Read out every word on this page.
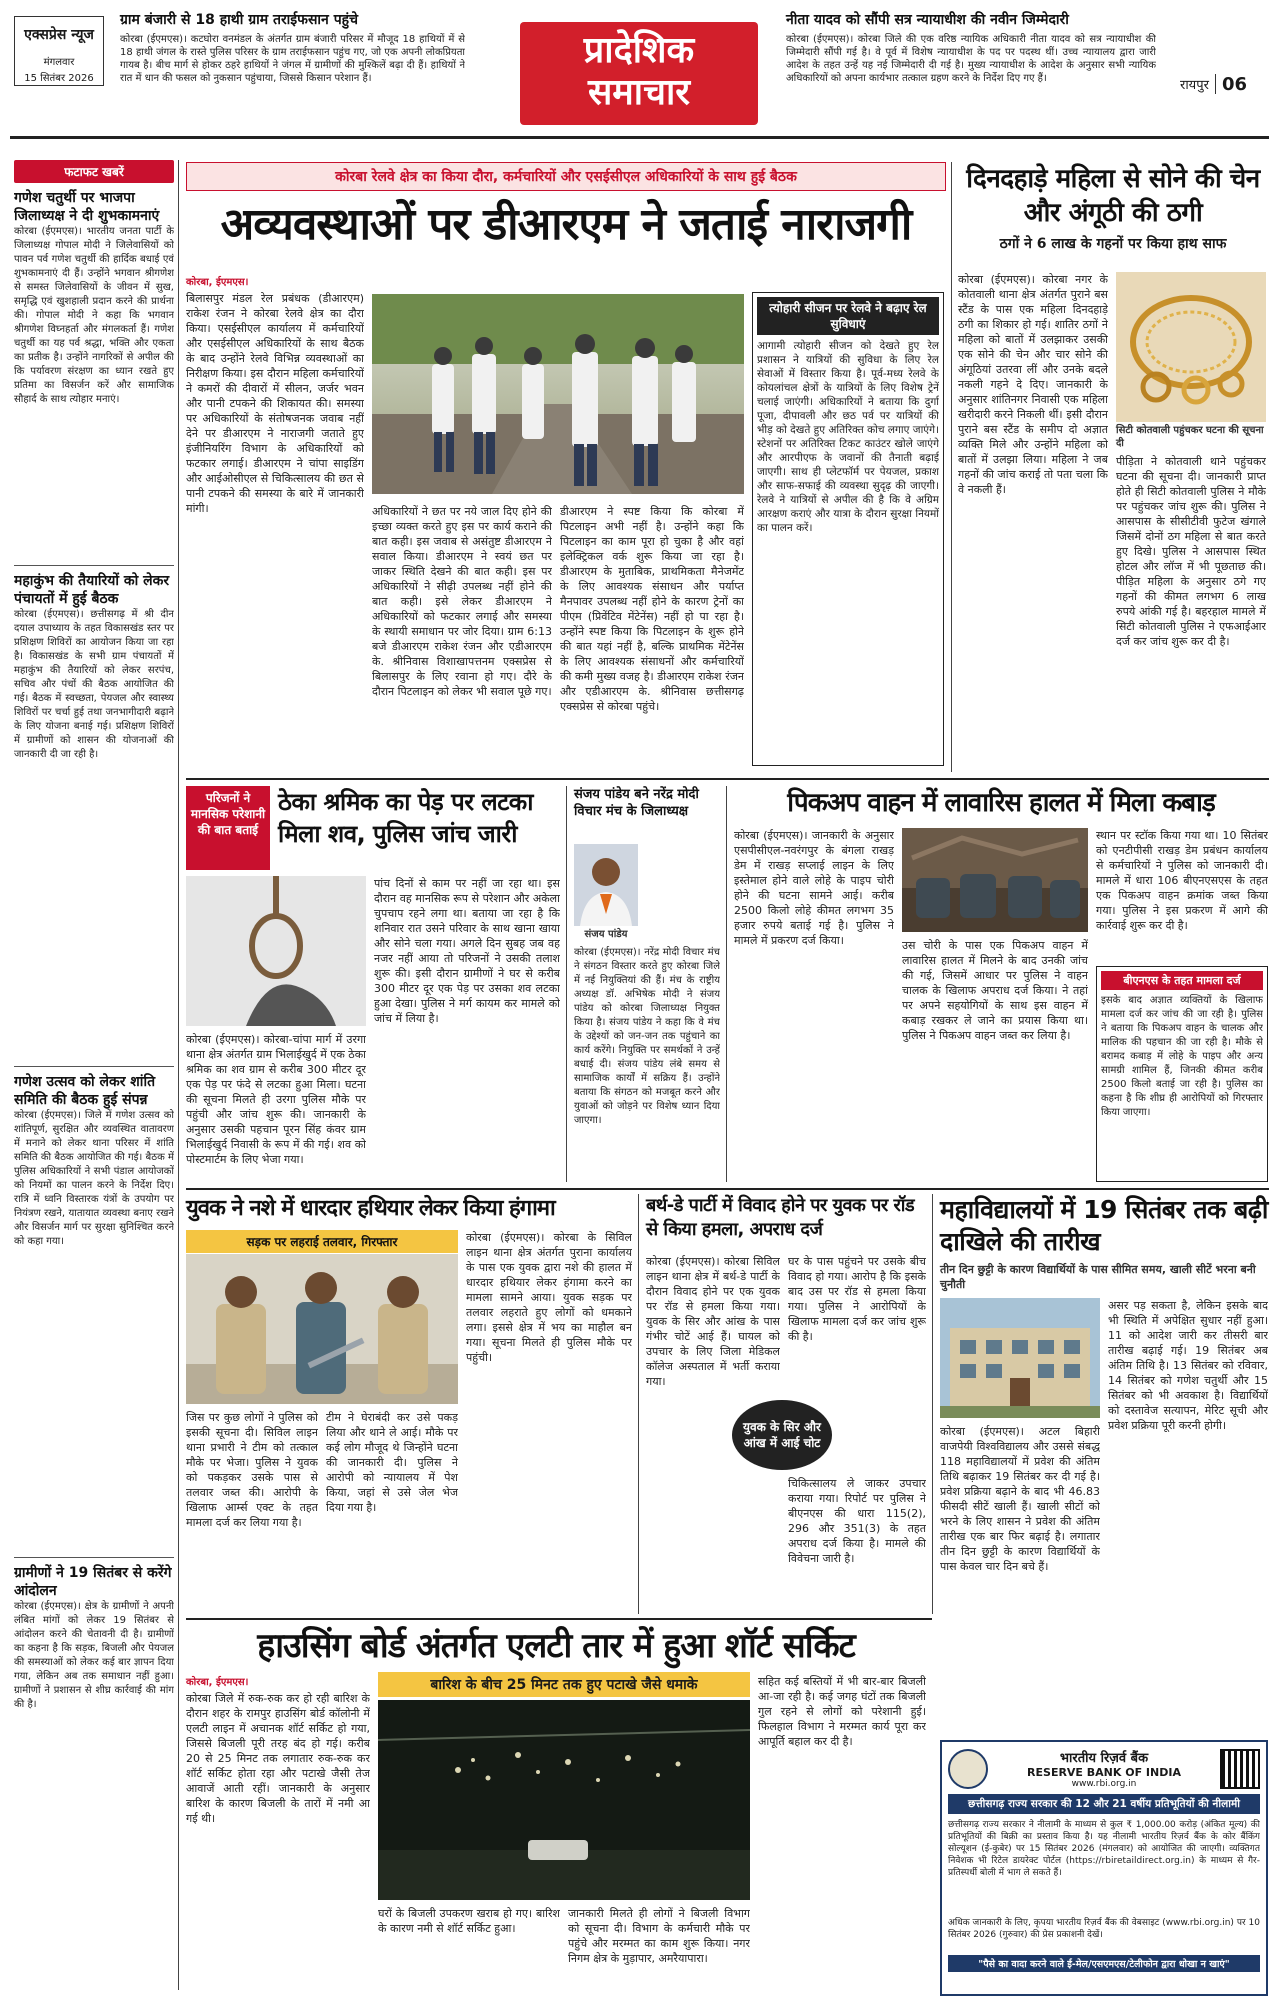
एक्सप्रेस न्यूज
मंगलवार
15 सितंबर 2026
ग्राम बंजारी से 18 हाथी ग्राम तराईफसान पहुंचे
कोरबा (ईएमएस)। कटघोरा वनमंडल के अंतर्गत ग्राम बंजारी परिसर में मौजूद 18 हाथियों में से 18 हाथी जंगल के रास्ते पुलिस परिसर के ग्राम तराईफसान पहुंच गए, जो एक अपनी लोकप्रियता गायब है। बीच मार्ग से होकर ठहरे हाथियों ने जंगल में ग्रामीणों की मुश्किलें बढ़ा दी हैं। हाथियों ने रात में धान की फसल को नुकसान पहुंचाया, जिससे किसान परेशान हैं।
प्रादेशिक समाचार
नीता यादव को सौंपी सत्र न्यायाधीश की नवीन जिम्मेदारी
कोरबा (ईएमएस)। कोरबा जिले की एक वरिष्ठ न्यायिक अधिकारी नीता यादव को सत्र न्यायाधीश की जिम्मेदारी सौंपी गई है। वे पूर्व में विशेष न्यायाधीश के पद पर पदस्थ थीं। उच्च न्यायालय द्वारा जारी आदेश के तहत उन्हें यह नई जिम्मेदारी दी गई है। मुख्य न्यायाधीश के आदेश के अनुसार सभी न्यायिक अधिकारियों को अपना कार्यभार तत्काल ग्रहण करने के निर्देश दिए गए हैं।	रायपुर 06
फटाफट खबरें
गणेश चतुर्थी पर भाजपा जिलाध्यक्ष ने दी शुभकामनाएं
कोरबा (ईएमएस)। भारतीय जनता पार्टी के जिलाध्यक्ष गोपाल मोदी ने जिलेवासियों को पावन पर्व गणेश चतुर्थी की हार्दिक बधाई एवं शुभकामनाएं दी हैं। उन्होंने भगवान श्रीगणेश से समस्त जिलेवासियों के जीवन में सुख, समृद्धि एवं खुशहाली प्रदान करने की प्रार्थना की। गोपाल मोदी ने कहा कि भगवान श्रीगणेश विघ्नहर्ता और मंगलकर्ता हैं। गणेश चतुर्थी का यह पर्व श्रद्धा, भक्ति और एकता का प्रतीक है। उन्होंने नागरिकों से अपील की कि पर्यावरण संरक्षण का ध्यान रखते हुए प्रतिमा का विसर्जन करें और सामाजिक सौहार्द के साथ त्योहार मनाएं।
महाकुंभ की तैयारियों को लेकर पंचायतों में हुई बैठक
कोरबा (ईएमएस)। छत्तीसगढ़ में श्री दीन दयाल उपाध्याय के तहत विकासखंड स्तर पर प्रशिक्षण शिविरों का आयोजन किया जा रहा है। विकासखंड के सभी ग्राम पंचायतों में महाकुंभ की तैयारियों को लेकर सरपंच, सचिव और पंचों की बैठक आयोजित की गई। बैठक में स्वच्छता, पेयजल और स्वास्थ्य शिविरों पर चर्चा हुई तथा जनभागीदारी बढ़ाने के लिए योजना बनाई गई। प्रशिक्षण शिविरों में ग्रामीणों को शासन की योजनाओं की जानकारी दी जा रही है।
गणेश उत्सव को लेकर शांति समिति की बैठक हुई संपन्न
कोरबा (ईएमएस)। जिले में गणेश उत्सव को शांतिपूर्ण, सुरक्षित और व्यवस्थित वातावरण में मनाने को लेकर थाना परिसर में शांति समिति की बैठक आयोजित की गई। बैठक में पुलिस अधिकारियों ने सभी पंडाल आयोजकों को नियमों का पालन करने के निर्देश दिए। रात्रि में ध्वनि विस्तारक यंत्रों के उपयोग पर नियंत्रण रखने, यातायात व्यवस्था बनाए रखने और विसर्जन मार्ग पर सुरक्षा सुनिश्चित करने को कहा गया।
ग्रामीणों ने 19 सितंबर से करेंगे आंदोलन
कोरबा (ईएमएस)। क्षेत्र के ग्रामीणों ने अपनी लंबित मांगों को लेकर 19 सितंबर से आंदोलन करने की चेतावनी दी है। ग्रामीणों का कहना है कि सड़क, बिजली और पेयजल की समस्याओं को लेकर कई बार ज्ञापन दिया गया, लेकिन अब तक समाधान नहीं हुआ। ग्रामीणों ने प्रशासन से शीघ्र कार्रवाई की मांग की है।
कोरबा रेलवे क्षेत्र का किया दौरा, कर्मचारियों और एसईसीएल अधिकारियों के साथ हुई बैठक
अव्यवस्थाओं पर डीआरएम ने जताई नाराजगी
कोरबा, ईएमएस।
बिलासपुर मंडल रेल प्रबंधक (डीआरएम) राकेश रंजन ने कोरबा रेलवे क्षेत्र का दौरा किया। एसईसीएल कार्यालय में कर्मचारियों और एसईसीएल अधिकारियों के साथ बैठक के बाद उन्होंने रेलवे विभिन्न व्यवस्थाओं का निरीक्षण किया। इस दौरान महिला कर्मचारियों ने कमरों की दीवारों में सीलन, जर्जर भवन और पानी टपकने की शिकायत की। समस्या पर अधिकारियों के संतोषजनक जवाब नहीं देने पर डीआरएम ने नाराजगी जताते हुए इंजीनियरिंग विभाग के अधिकारियों को फटकार लगाई। डीआरएम ने चांपा साइडिंग और आईओसीएल से चिकित्सालय की छत से पानी टपकने की समस्या के बारे में जानकारी मांगी।
त्योहारी सीजन पर रेलवे ने बढ़ाए रेल सुविधाएं
आगामी त्योहारी सीजन को देखते हुए रेल प्रशासन ने यात्रियों की सुविधा के लिए रेल सेवाओं में विस्तार किया है। पूर्व-मध्य रेलवे के कोयलांचल क्षेत्रों के यात्रियों के लिए विशेष ट्रेनें चलाई जाएंगी। अधिकारियों ने बताया कि दुर्गा पूजा, दीपावली और छठ पर्व पर यात्रियों की भीड़ को देखते हुए अतिरिक्त कोच लगाए जाएंगे। स्टेशनों पर अतिरिक्त टिकट काउंटर खोले जाएंगे और आरपीएफ के जवानों की तैनाती बढ़ाई जाएगी। साथ ही प्लेटफॉर्म पर पेयजल, प्रकाश और साफ-सफाई की व्यवस्था सुदृढ़ की जाएगी। रेलवे ने यात्रियों से अपील की है कि वे अग्रिम आरक्षण कराएं और यात्रा के दौरान सुरक्षा नियमों का पालन करें।
अधिकारियों ने छत पर नये जाल दिए होने की इच्छा व्यक्त करते हुए इस पर कार्य कराने की बात कही। इस जवाब से असंतुष्ट डीआरएम ने सवाल किया। डीआरएम ने स्वयं छत पर जाकर स्थिति देखने की बात कही। इस पर अधिकारियों ने सीढ़ी उपलब्ध नहीं होने की बात कही। इसे लेकर डीआरएम ने अधिकारियों को फटकार लगाई और समस्या के स्थायी समाधान पर जोर दिया। ग्राम 6:13 बजे डीआरएम राकेश रंजन और एडीआरएम के. श्रीनिवास विशाखापत्तनम एक्सप्रेस से बिलासपुर के लिए रवाना हो गए। दौरे के दौरान पिटलाइन को लेकर भी सवाल पूछे गए।
डीआरएम ने स्पष्ट किया कि कोरबा में पिटलाइन अभी नहीं है। उन्होंने कहा कि पिटलाइन का काम पूरा हो चुका है और वहां इलेक्ट्रिकल वर्क शुरू किया जा रहा है। डीआरएम के मुताबिक, प्राथमिकता मैनेजमेंट के लिए आवश्यक संसाधन और पर्याप्त मैनपावर उपलब्ध नहीं होने के कारण ट्रेनों का पीएम (प्रिवेंटिव मेंटेनेंस) नहीं हो पा रहा है। उन्होंने स्पष्ट किया कि पिटलाइन के शुरू होने की बात यहां नहीं है, बल्कि प्राथमिक मेंटेनेंस के लिए आवश्यक संसाधनों और कर्मचारियों की कमी मुख्य वजह है। डीआरएम राकेश रंजन और एडीआरएम के. श्रीनिवास छत्तीसगढ़ एक्सप्रेस से कोरबा पहुंचे।
दिनदहाड़े महिला से सोने की चेन और अंगूठी की ठगी
ठगों ने 6 लाख के गहनों पर किया हाथ साफ
कोरबा (ईएमएस)। कोरबा नगर के कोतवाली थाना क्षेत्र अंतर्गत पुराने बस स्टैंड के पास एक महिला दिनदहाड़े ठगी का शिकार हो गई। शातिर ठगों ने महिला को बातों में उलझाकर उसकी एक सोने की चेन और चार सोने की अंगूठियां उतरवा लीं और उनके बदले नकली गहने दे दिए। जानकारी के अनुसार शांतिनगर निवासी एक महिला खरीदारी करने निकली थीं। इसी दौरान पुराने बस स्टैंड के समीप दो अज्ञात व्यक्ति मिले और उन्होंने महिला को बातों में उलझा लिया। महिला ने जब गहनों की जांच कराई तो पता चला कि वे नकली हैं।
सिटी कोतवाली पहुंचकर घटना की सूचना दी
पीड़िता ने कोतवाली थाने पहुंचकर घटना की सूचना दी। जानकारी प्राप्त होते ही सिटी कोतवाली पुलिस ने मौके पर पहुंचकर जांच शुरू की। पुलिस ने आसपास के सीसीटीवी फुटेज खंगाले जिसमें दोनों ठग महिला से बात करते हुए दिखे। पुलिस ने आसपास स्थित होटल और लॉज में भी पूछताछ की। पीड़ित महिला के अनुसार ठगे गए गहनों की कीमत लगभग 6 लाख रुपये आंकी गई है। बहरहाल मामले में सिटी कोतवाली पुलिस ने एफआईआर दर्ज कर जांच शुरू कर दी है।
परिजनों ने मानसिक परेशानी की बात बताई
ठेका श्रमिक का पेड़ पर लटका मिला शव, पुलिस जांच जारी
कोरबा (ईएमएस)। कोरबा-चांपा मार्ग में उरगा थाना क्षेत्र अंतर्गत ग्राम भिलाईखुर्द में एक ठेका श्रमिक का शव ग्राम से करीब 300 मीटर दूर एक पेड़ पर फंदे से लटका हुआ मिला। घटना की सूचना मिलते ही उरगा पुलिस मौके पर पहुंची और जांच शुरू की। जानकारी के अनुसार उसकी पहचान पूरन सिंह कंवर ग्राम भिलाईखुर्द निवासी के रूप में की गई। शव को पोस्टमार्टम के लिए भेजा गया।
पांच दिनों से काम पर नहीं जा रहा था। इस दौरान वह मानसिक रूप से परेशान और अकेला चुपचाप रहने लगा था। बताया जा रहा है कि शनिवार रात उसने परिवार के साथ खाना खाया और सोने चला गया। अगले दिन सुबह जब वह नजर नहीं आया तो परिजनों ने उसकी तलाश शुरू की। इसी दौरान ग्रामीणों ने घर से करीब 300 मीटर दूर एक पेड़ पर उसका शव लटका हुआ देखा। पुलिस ने मर्ग कायम कर मामले को जांच में लिया है।
संजय पांडेय बने नरेंद्र मोदी विचार मंच के जिलाध्यक्ष
संजय पांडेय
कोरबा (ईएमएस)। नरेंद्र मोदी विचार मंच ने संगठन विस्तार करते हुए कोरबा जिले में नई नियुक्तियां की हैं। मंच के राष्ट्रीय अध्यक्ष डॉ. अभिषेक मोदी ने संजय पांडेय को कोरबा जिलाध्यक्ष नियुक्त किया है। संजय पांडेय ने कहा कि वे मंच के उद्देश्यों को जन-जन तक पहुंचाने का कार्य करेंगे। नियुक्ति पर समर्थकों ने उन्हें बधाई दी। संजय पांडेय लंबे समय से सामाजिक कार्यों में सक्रिय हैं। उन्होंने बताया कि संगठन को मजबूत करने और युवाओं को जोड़ने पर विशेष ध्यान दिया जाएगा।
पिकअप वाहन में लावारिस हालत में मिला कबाड़
कोरबा (ईएमएस)। जानकारी के अनुसार एसपीसीएल-नवरंगपुर के बंगला राखड़ डेम में राखड़ सप्लाई लाइन के लिए इस्तेमाल होने वाले लोहे के पाइप चोरी होने की घटना सामने आई। करीब 2500 किलो लोहे कीमत लगभग 35 हजार रुपये बताई गई है। पुलिस ने मामले में प्रकरण दर्ज किया।
स्थान पर स्टॉक किया गया था। 10 सितंबर को एनटीपीसी राखड़ डेम प्रबंधन कार्यालय से कर्मचारियों ने पुलिस को जानकारी दी। मामले में धारा 106 बीएनएसएस के तहत एक पिकअप वाहन क्रमांक जब्त किया गया। पुलिस ने इस प्रकरण में आगे की कार्रवाई शुरू कर दी है।
उस चोरी के पास एक पिकअप वाहन में लावारिस हालत में मिलने के बाद उनकी जांच की गई, जिसमें आधार पर पुलिस ने वाहन चालक के खिलाफ अपराध दर्ज किया। ने तहां पर अपने सहयोगियों के साथ इस वाहन में कबाड़ रखकर ले जाने का प्रयास किया था। पुलिस ने पिकअप वाहन जब्त कर लिया है।
बीएनएस के तहत मामला दर्ज
इसके बाद अज्ञात व्यक्तियों के खिलाफ मामला दर्ज कर जांच की जा रही है। पुलिस ने बताया कि पिकअप वाहन के चालक और मालिक की पहचान की जा रही है। मौके से बरामद कबाड़ में लोहे के पाइप और अन्य सामग्री शामिल हैं, जिनकी कीमत करीब 2500 किलो बताई जा रही है। पुलिस का कहना है कि शीघ्र ही आरोपियों को गिरफ्तार किया जाएगा।
युवक ने नशे में धारदार हथियार लेकर किया हंगामा
सड़क पर लहराई तलवार, गिरफ्तार	कोरबा (ईएमएस)। कोरबा के सिविल लाइन थाना क्षेत्र अंतर्गत पुराना कार्यालय के पास एक युवक द्वारा नशे की हालत में धारदार हथियार लेकर हंगामा करने का मामला सामने आया। युवक सड़क पर तलवार लहराते हुए लोगों को धमकाने लगा। इससे क्षेत्र में भय का माहौल बन गया। सूचना मिलते ही पुलिस मौके पर पहुंची।
जिस पर कुछ लोगों ने पुलिस को इसकी सूचना दी। सिविल लाइन थाना प्रभारी ने टीम को तत्काल मौके पर भेजा। पुलिस ने युवक को पकड़कर उसके पास से तलवार जब्त की। आरोपी के खिलाफ आर्म्स एक्ट के तहत मामला दर्ज कर लिया गया है।
टीम ने घेराबंदी कर उसे पकड़ लिया और थाने ले आई। मौके पर कई लोग मौजूद थे जिन्होंने घटना की जानकारी दी। पुलिस ने आरोपी को न्यायालय में पेश किया, जहां से उसे जेल भेज दिया गया है।
बर्थ-डे पार्टी में विवाद होने पर युवक पर रॉड से किया हमला, अपराध दर्ज
कोरबा (ईएमएस)। कोरबा सिविल लाइन थाना क्षेत्र में बर्थ-डे पार्टी के दौरान विवाद होने पर एक युवक पर रॉड से हमला किया गया। युवक के सिर और आंख के पास गंभीर चोटें आई हैं। घायल को उपचार के लिए जिला मेडिकल कॉलेज अस्पताल में भर्ती कराया गया।
घर के पास पहुंचने पर उसके बीच विवाद हो गया। आरोप है कि इसके बाद उस पर रॉड से हमला किया गया। पुलिस ने आरोपियों के खिलाफ मामला दर्ज कर जांच शुरू की है।
युवक के सिर और आंख में आई चोट
चिकित्सालय ले जाकर उपचार कराया गया। रिपोर्ट पर पुलिस ने बीएनएस की धारा 115(2), 296 और 351(3) के तहत अपराध दर्ज किया है। मामले की विवेचना जारी है।
महाविद्यालयों में 19 सितंबर तक बढ़ी दाखिले की तारीख
तीन दिन छुट्टी के कारण विद्यार्थियों के पास सीमित समय, खाली सीटें भरना बनी चुनौती
कोरबा (ईएमएस)। अटल बिहारी वाजपेयी विश्वविद्यालय और उससे संबद्ध 118 महाविद्यालयों में प्रवेश की अंतिम तिथि बढ़ाकर 19 सितंबर कर दी गई है। प्रवेश प्रक्रिया बढ़ाने के बाद भी 46.83 फीसदी सीटें खाली हैं। खाली सीटों को भरने के लिए शासन ने प्रवेश की अंतिम तारीख एक बार फिर बढ़ाई है। लगातार तीन दिन छुट्टी के कारण विद्यार्थियों के पास केवल चार दिन बचे हैं।
असर पड़ सकता है, लेकिन इसके बाद भी स्थिति में अपेक्षित सुधार नहीं हुआ। 11 को आदेश जारी कर तीसरी बार तारीख बढ़ाई गई। 19 सितंबर अब अंतिम तिथि है। 13 सितंबर को रविवार, 14 सितंबर को गणेश चतुर्थी और 15 सितंबर को भी अवकाश है। विद्यार्थियों को दस्तावेज सत्यापन, मेरिट सूची और प्रवेश प्रक्रिया पूरी करनी होगी।
हाउसिंग बोर्ड अंतर्गत एलटी तार में हुआ शॉर्ट सर्किट
बारिश के बीच 25 मिनट तक हुए पटाखे जैसे धमाके
कोरबा, ईएमएस।
कोरबा जिले में रुक-रुक कर हो रही बारिश के दौरान शहर के रामपुर हाउसिंग बोर्ड कॉलोनी में एलटी लाइन में अचानक शॉर्ट सर्किट हो गया, जिससे बिजली पूरी तरह बंद हो गई। करीब 20 से 25 मिनट तक लगातार रुक-रुक कर शॉर्ट सर्किट होता रहा और पटाखे जैसी तेज आवाजें आती रहीं। जानकारी के अनुसार बारिश के कारण बिजली के तारों में नमी आ गई थी।
घरों के बिजली उपकरण खराब हो गए। बारिश के कारण नमी से शॉर्ट सर्किट हुआ।
जानकारी मिलते ही लोगों ने बिजली विभाग को सूचना दी। विभाग के कर्मचारी मौके पर पहुंचे और मरम्मत का काम शुरू किया। नगर निगम क्षेत्र के मुड़ापार, अमरैयापारा।
सहित कई बस्तियों में भी बार-बार बिजली आ-जा रही है। कई जगह घंटों तक बिजली गुल रहने से लोगों को परेशानी हुई। फिलहाल विभाग ने मरम्मत कार्य पूरा कर आपूर्ति बहाल कर दी है।
भारतीय रिज़र्व बैंक
RESERVE BANK OF INDIA
www.rbi.org.in
छत्तीसगढ़ राज्य सरकार की 12 और 21 वर्षीय प्रतिभूतियों की नीलामी
छत्तीसगढ़ राज्य सरकार ने नीलामी के माध्यम से कुल ₹ 1,000.00 करोड़ (अंकित मूल्य) की प्रतिभूतियों की बिक्री का प्रस्ताव किया है। यह नीलामी भारतीय रिज़र्व बैंक के कोर बैंकिंग सोल्यूशन (ई-कुबेर) पर 15 सितंबर 2026 (मंगलवार) को आयोजित की जाएगी। व्यक्तिगत निवेशक भी रिटेल डायरेक्ट पोर्टल (https://rbiretaildirect.org.in) के माध्यम से गैर-प्रतिस्पर्धी बोली में भाग ले सकते हैं।
अधिक जानकारी के लिए, कृपया भारतीय रिज़र्व बैंक की वेबसाइट (www.rbi.org.in) पर 10 सितंबर 2026 (गुरुवार) की प्रेस प्रकाशनी देखें।
"पैसे का वादा करने वाले ई-मेल/एसएमएस/टेलीफोन द्वारा धोखा न खाएं"
